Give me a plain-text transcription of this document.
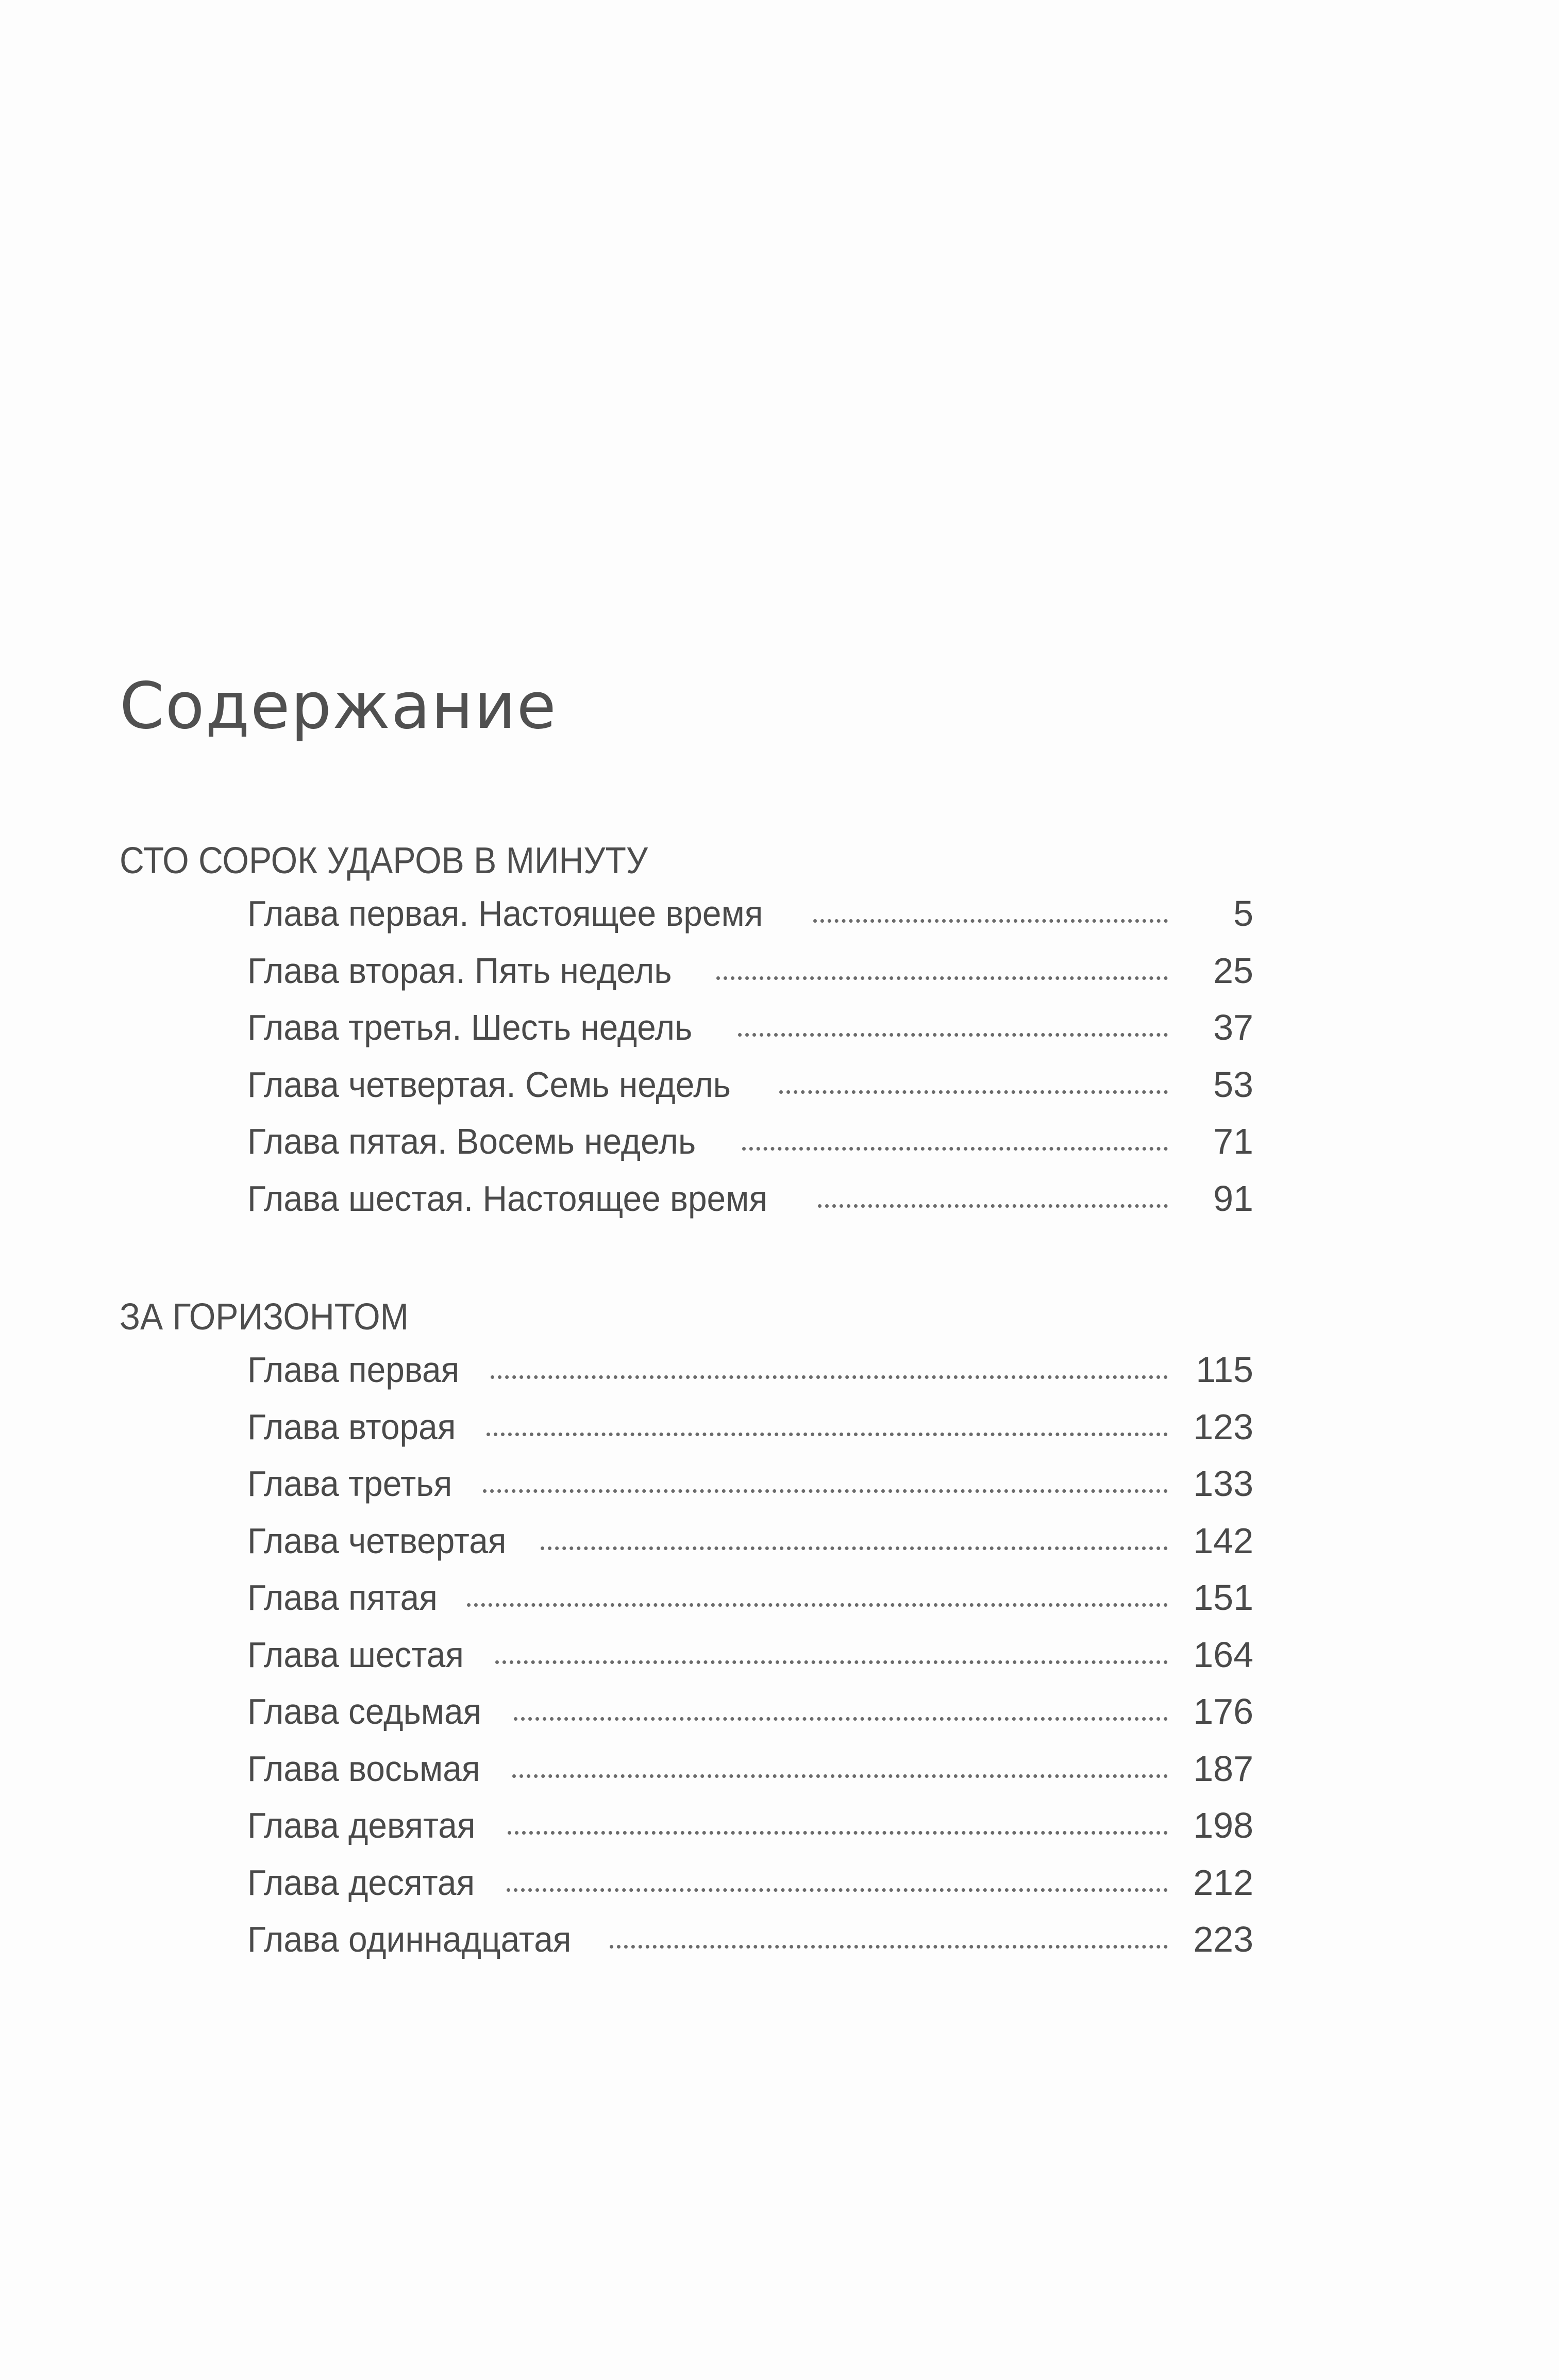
Содержание
СТО СОРОК УДАРОВ В МИНУТУ
Глава первая. Настоящее время	5
Глава вторая. Пять недель	25
Глава третья. Шесть недель	37
Глава четвертая. Семь недель	53
Глава пятая. Восемь недель	71
Глава шестая. Настоящее время	91
ЗА ГОРИЗОНТОМ
Глава первая	115
Глава вторая	123
Глава третья	133
Глава четвертая	142
Глава пятая	151
Глава шестая	164
Глава седьмая	176
Глава восьмая	187
Глава девятая	198
Глава десятая	212
Глава одиннадцатая	223
